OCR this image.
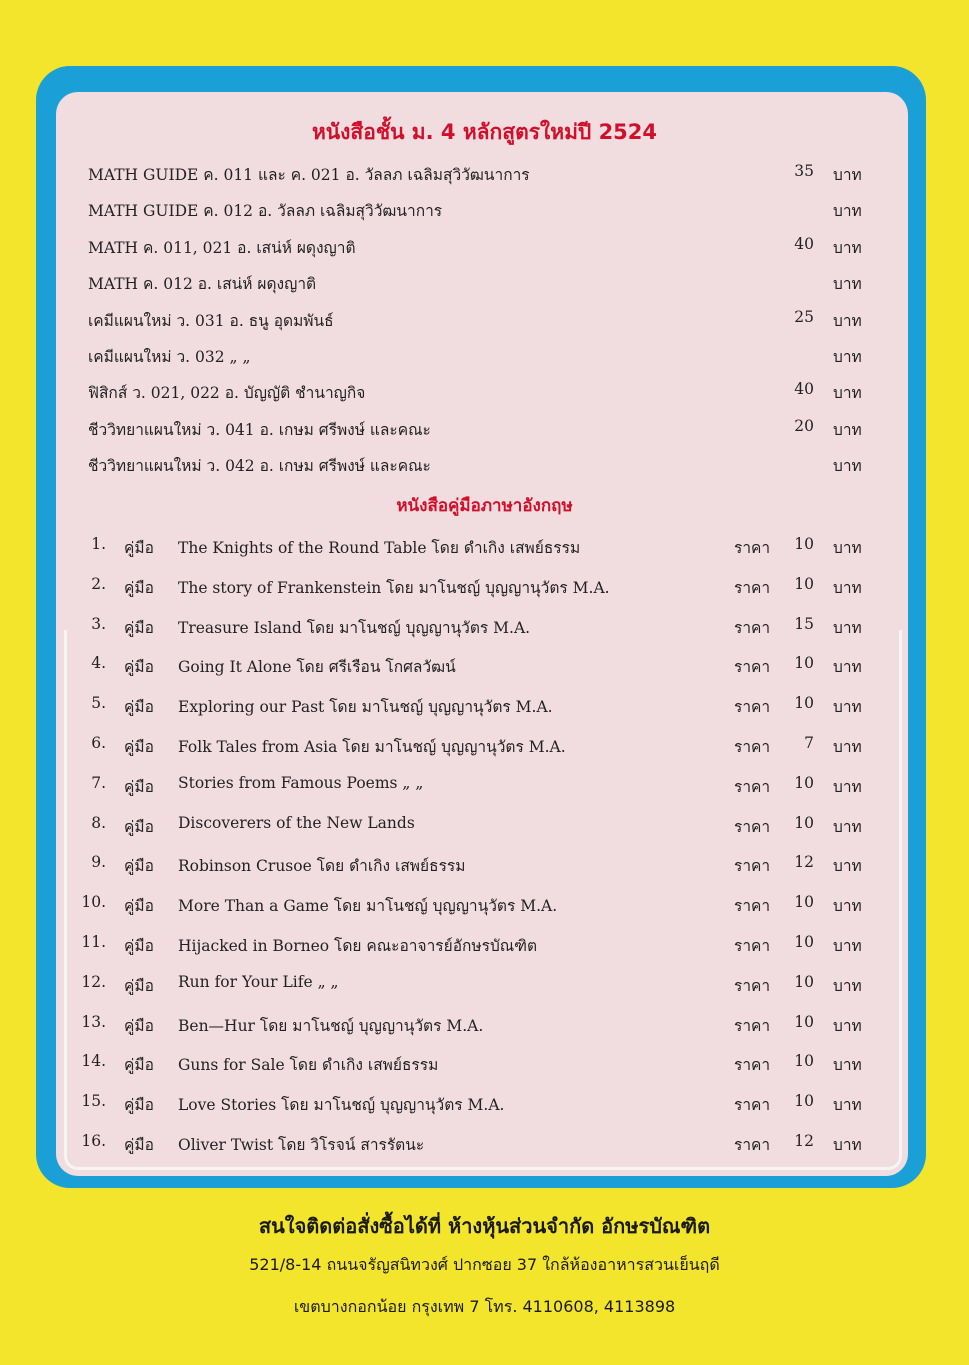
หนังสือชั้น ม. 4 หลักสูตรใหม่ปี 2524
MATH GUIDE ค. 011 และ ค. 021 อ. วัลลภ เฉลิมสุวิวัฒนาการ	35 บาท
MATH GUIDE ค. 012 อ. วัลลภ เฉลิมสุวิวัฒนาการ	บาท
MATH ค. 011, 021 อ. เสน่ห์ ผดุงญาติ	40 บาท
MATH ค. 012 อ. เสน่ห์ ผดุงญาติ	บาท
เคมีแผนใหม่ ว. 031 อ. ธนู อุดมพันธ์	25 บาท
เคมีแผนใหม่ ว. 032 „ „	บาท
ฟิสิกส์ ว. 021, 022 อ. บัญญัติ ชำนาญกิจ	40 บาท
ชีววิทยาแผนใหม่ ว. 041 อ. เกษม ศรีพงษ์ และคณะ	20 บาท
ชีววิทยาแผนใหม่ ว. 042 อ. เกษม ศรีพงษ์ และคณะ	บาท
หนังสือคู่มือภาษาอังกฤษ
1. คู่มือ The Knights of the Round Table โดย ดำเกิง เสพย์ธรรม	ราคา	10 บาท
2. คู่มือ The story of Frankenstein โดย มาโนชญ์ บุญญานุวัตร M.A.	ราคา	10 บาท
3. คู่มือ Treasure Island โดย มาโนชญ์ บุญญานุวัตร M.A.	ราคา	15 บาท
4. คู่มือ Going It Alone โดย ศรีเรือน โกศลวัฒน์	ราคา	10 บาท
5. คู่มือ Exploring our Past โดย มาโนชญ์ บุญญานุวัตร M.A.	ราคา	10 บาท
6. คู่มือ Folk Tales from Asia โดย มาโนชญ์ บุญญานุวัตร M.A.	ราคา	7 บาท
7. คู่มือ Stories from Famous Poems „ „	ราคา	10 บาท
8. คู่มือ Discoverers of the New Lands	ราคา	10 บาท
9. คู่มือ Robinson Crusoe โดย ดำเกิง เสพย์ธรรม	ราคา	12 บาท
10. คู่มือ More Than a Game โดย มาโนชญ์ บุญญานุวัตร M.A.	ราคา	10 บาท
11. คู่มือ Hijacked in Borneo โดย คณะอาจารย์อักษรบัณฑิต	ราคา	10 บาท
12. คู่มือ Run for Your Life „ „	ราคา	10 บาท
13. คู่มือ Ben—Hur โดย มาโนชญ์ บุญญานุวัตร M.A.	ราคา	10 บาท
14. คู่มือ Guns for Sale โดย ดำเกิง เสพย์ธรรม	ราคา	10 บาท
15. คู่มือ Love Stories โดย มาโนชญ์ บุญญานุวัตร M.A.	ราคา	10 บาท
16. คู่มือ Oliver Twist โดย วิโรจน์ สารรัตนะ	ราคา	12 บาท
สนใจติดต่อสั่งซื้อได้ที่ ห้างหุ้นส่วนจำกัด อักษรบัณฑิต
521/8-14 ถนนจรัญสนิทวงศ์ ปากซอย 37 ใกล้ห้องอาหารสวนเย็นฤดี
เขตบางกอกน้อย กรุงเทพ 7 โทร. 4110608, 4113898
